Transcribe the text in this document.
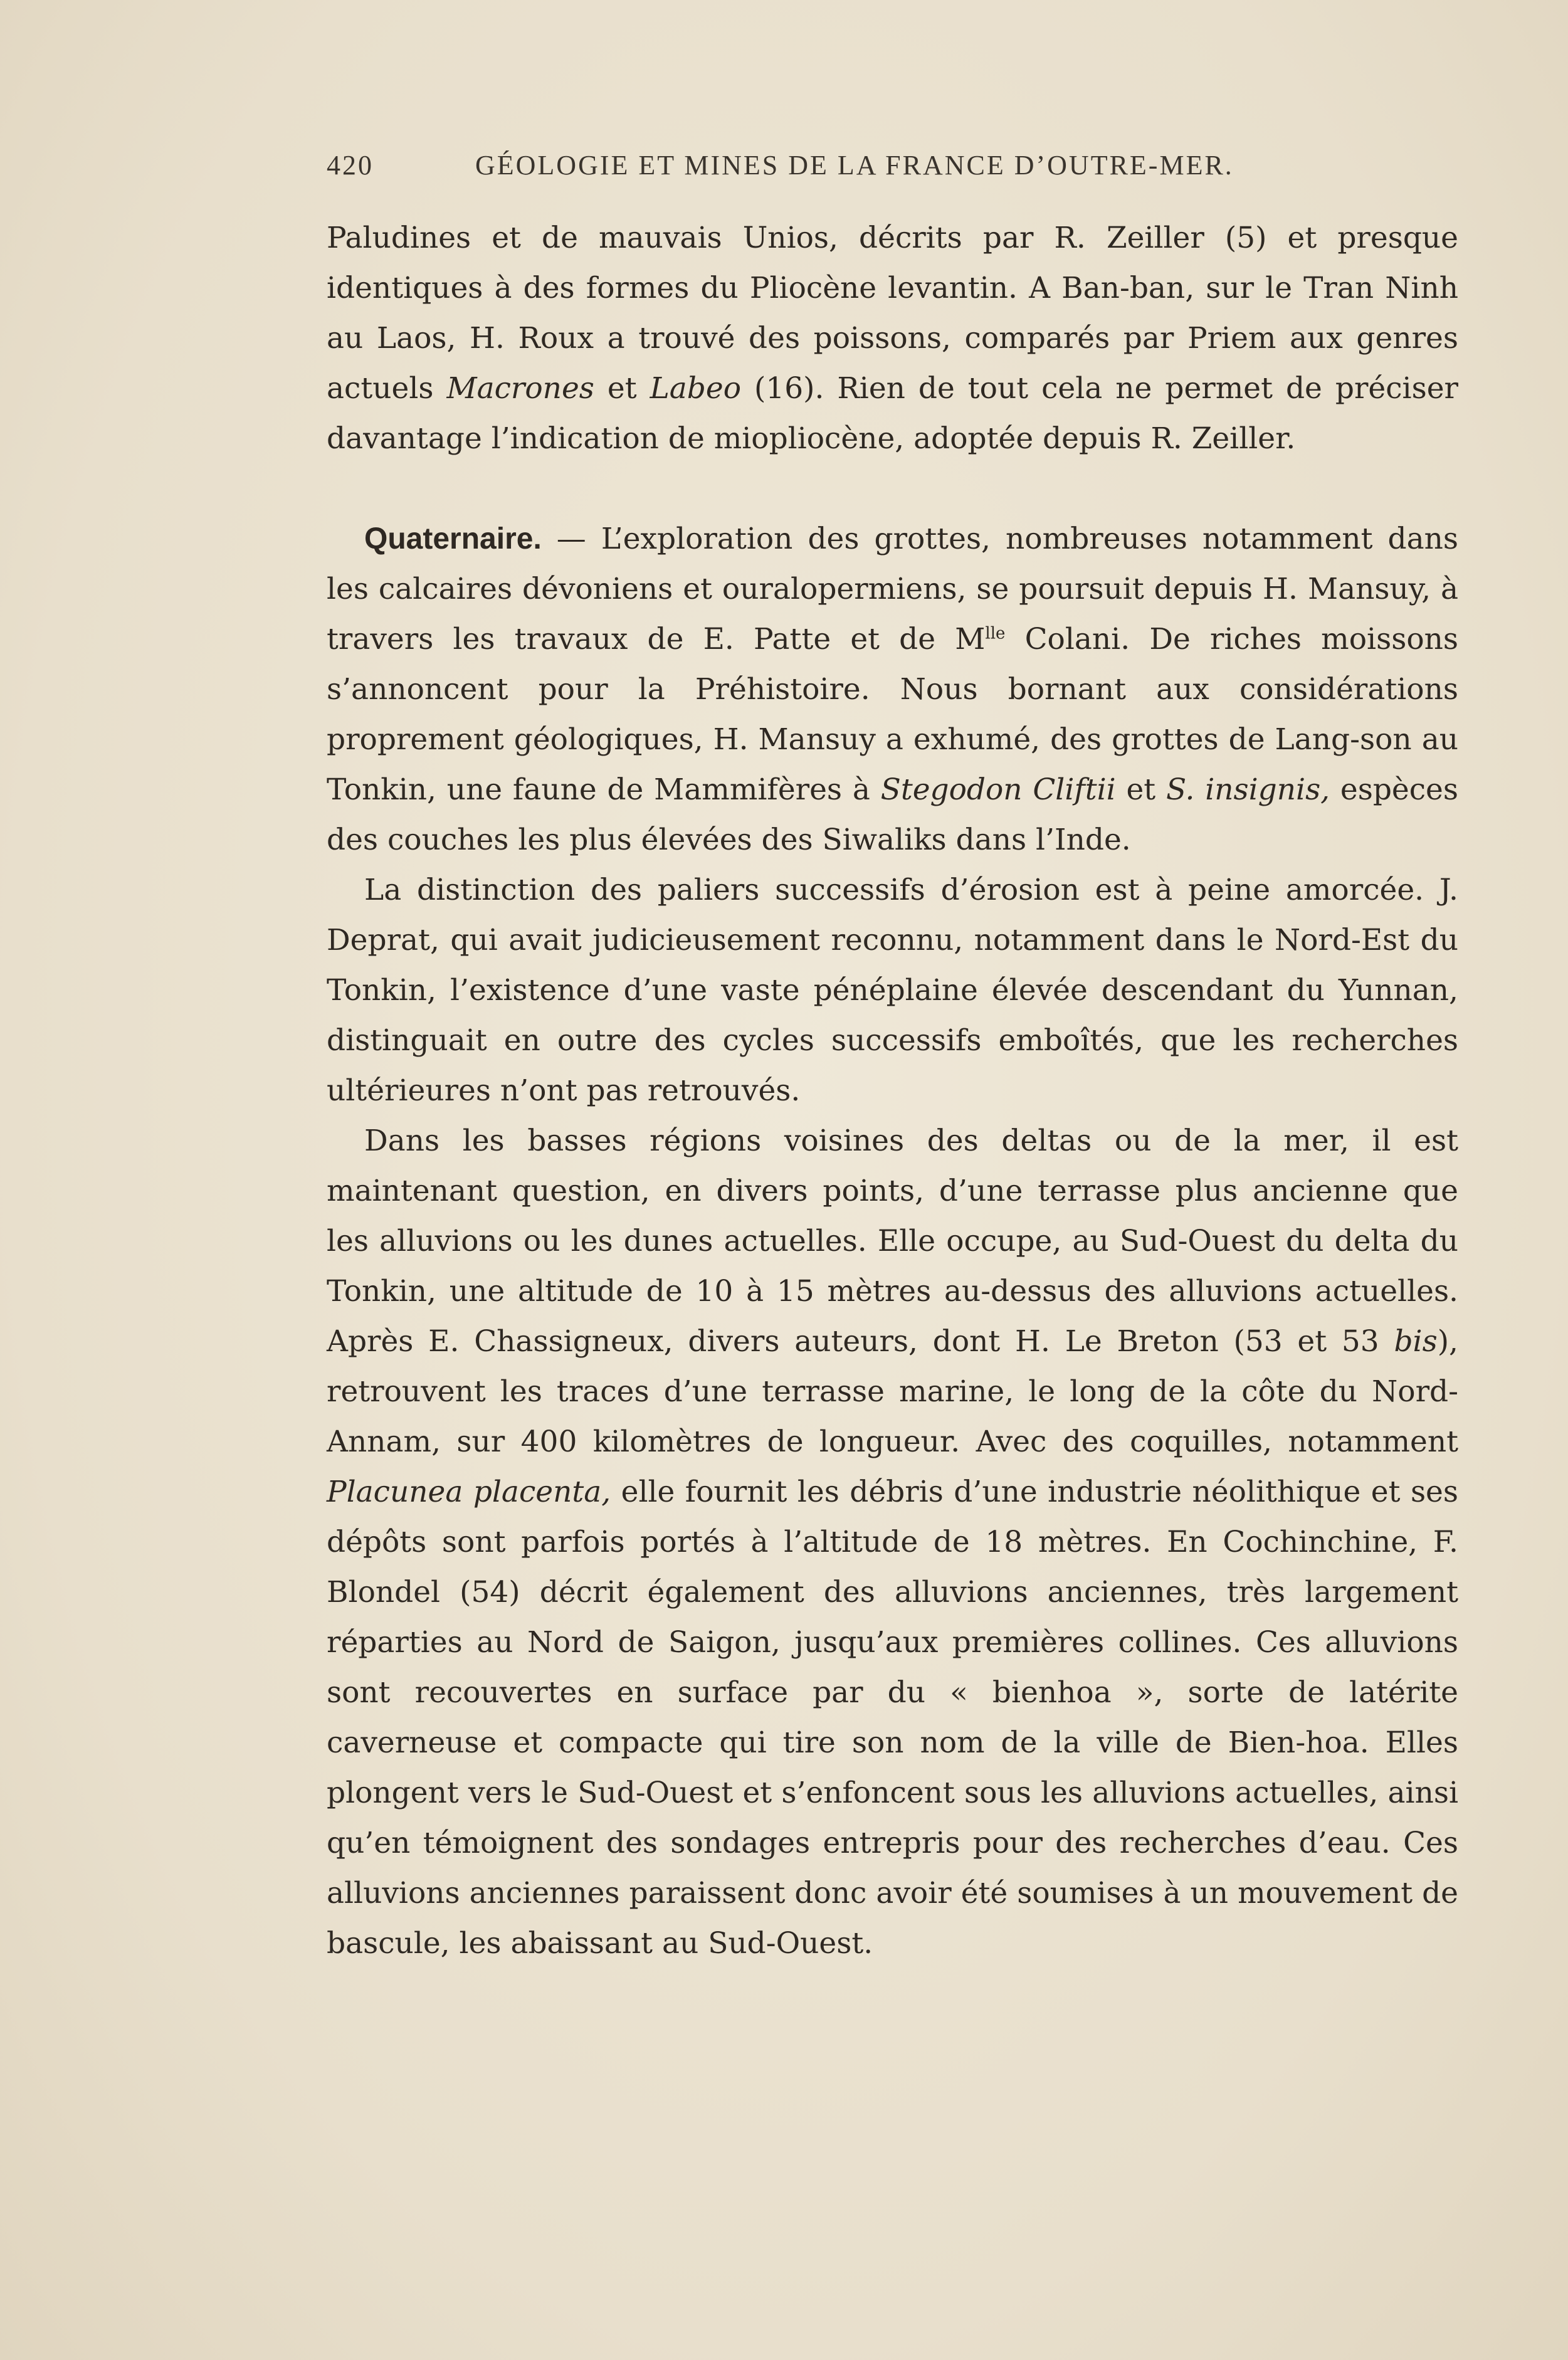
420	GÉOLOGIE ET MINES DE LA FRANCE D’OUTRE-MER.

Paludines et de mauvais Unios, décrits par R. Zeiller (5) et presque identiques à des formes du Pliocène levantin. A Ban-ban, sur le Tran Ninh au Laos, H. Roux a trouvé des poissons, comparés par Priem aux genres actuels Macrones et Labeo (16). Rien de tout cela ne permet de préciser davantage l’indication de miopliocène, adoptée depuis R. Zeiller.

Quaternaire. — L’exploration des grottes, nombreuses notamment dans les calcaires dévoniens et ouralopermiens, se poursuit depuis H. Mansuy, à travers les travaux de E. Patte et de $M^{lle}$ Colani. De riches moissons s’annoncent pour la Préhistoire. Nous bornant aux considérations proprement géologiques, H. Mansuy a exhumé, des grottes de Lang-son au Tonkin, une faune de Mammifères à Stegodon Cliftii et S. insignis, espèces des couches les plus élevées des Siwaliks dans l’Inde.

La distinction des paliers successifs d’érosion est à peine amorcée. J. Deprat, qui avait judicieusement reconnu, notamment dans le Nord-Est du Tonkin, l’existence d’une vaste pénéplaine élevée descendant du Yunnan, distinguait en outre des cycles successifs emboîtés, que les recherches ultérieures n’ont pas retrouvés.

Dans les basses régions voisines des deltas ou de la mer, il est maintenant question, en divers points, d’une terrasse plus ancienne que les alluvions ou les dunes actuelles. Elle occupe, au Sud-Ouest du delta du Tonkin, une altitude de 10 à 15 mètres au-dessus des alluvions actuelles. Après E. Chassigneux, divers auteurs, dont H. Le Breton (53 et 53 bis), retrouvent les traces d’une terrasse marine, le long de la côte du Nord-Annam, sur 400 kilomètres de longueur. Avec des coquilles, notamment Placunea placenta, elle fournit les débris d’une industrie néolithique et ses dépôts sont parfois portés à l’altitude de 18 mètres. En Cochinchine, F. Blondel (54) décrit également des alluvions anciennes, très largement réparties au Nord de Saigon, jusqu’aux premières collines. Ces alluvions sont recouvertes en surface par du « bienhoa », sorte de latérite caverneuse et compacte qui tire son nom de la ville de Bien-hoa. Elles plongent vers le Sud-Ouest et s’enfoncent sous les alluvions actuelles, ainsi qu’en témoignent des sondages entrepris pour des recherches d’eau. Ces alluvions anciennes paraissent donc avoir été soumises à un mouvement de bascule, les abaissant au Sud-Ouest.
